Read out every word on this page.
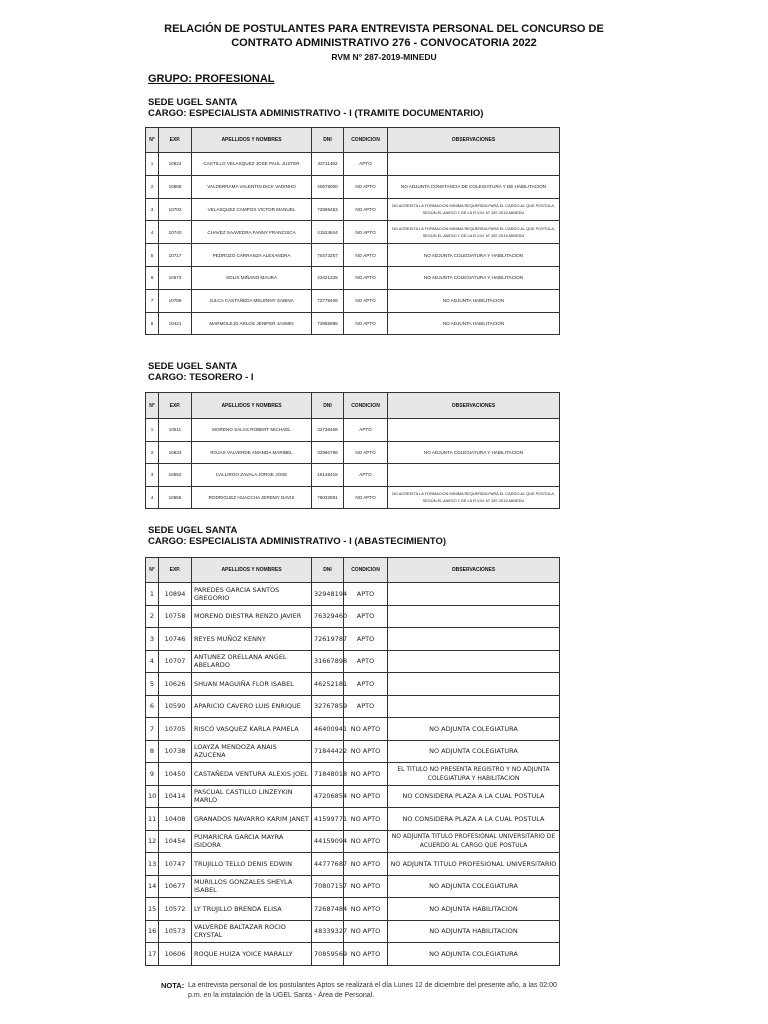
RELACIÓN DE POSTULANTES PARA ENTREVISTA PERSONAL DEL CONCURSO DE
CONTRATO ADMINISTRATIVO 276 - CONVOCATORIA 2022
RVM N° 287-2019-MINEDU
GRUPO: PROFESIONAL
SEDE UGEL SANTA
CARGO: ESPECIALISTA ADMINISTRATIVO - I (TRAMITE DOCUMENTARIO)
N°	EXP.	APELLIDOS Y NOMBRES	DNI	CONDICION	OBSERVACIONES
1	10624	CASTILLO VELASQUEZ JOSE PAUL JUSTER	43711492	APTO	
2	10685	VALDERRAMA VALENTIN DICK VADINHO	40679000	NO APTO	NO ADJUNTA CONSTANCIA DE COLEGIATURA Y DE HABILITACION
3	10702	VELASQUEZ CAMPOS VICTOR MANUEL	72865453	NO APTO	NO ACREDITA LA FORMACION MINIMA REQUERIDA PARA EL CARGO AL QUE POSTULA, SEGÚN EL ANEXO 1 DE LA R.V.M. N° 287-2019-MINEDU
4	10740	CHAVEZ SAAVEDRA FANNY FRANCISCA	41524844	NO APTO	NO ACREDITA LA FORMACION MINIMA REQUERIDA PARA EL CARGO AL QUE POSTULA, SEGÚN EL ANEXO 1 DE LA R.V.M. N° 287-2019-MINEDU
5	10717	PEDROZO CARRANZA ALEXANDRA	70473257	NO APTO	NO ADJUNTA COLEGIATURA Y HABILITACION
6	10573	SOLIS MIÑANO MAURA	43421225	NO APTO	NO ADJUNTA COLEGIATURA Y HABILITACION
7	10759	JULCA CASTAÑEDA MELENNY SABINA	72778406	NO APTO	NO ADJUNTA HABILITACION
8	10421	MARMOLEJO ARLOS JENIFER JASMIN	72965998	NO APTO	NO ADJUNTA HABILITACION
SEDE UGEL SANTA
CARGO: TESORERO - I
N°	EXP.	APELLIDOS Y NOMBRES	DNI	CONDICION	OBSERVACIONES
1	10511	MORENO SALAS ROBERT MICHAEL	32736456	APTO	
2	10633	ROJAS VALVERDE AMANDA MARIBEL	32960786	NO APTO	NO ADJUNTA COLEGIATURA Y HABILITACION
3	10552	CALLIRGO ZAVALA JORGE JOSE	18148415	APTO	
4	10656	RODRIGUEZ HUACCHA JEREMY DAVIS	76032891	NO APTO	NO ACREDITA LA FORMACION MINIMA REQUERIDA PARA EL CARGO AL QUE POSTULA, SEGÚN EL ANEXO 1 DE LA R.V.M. N° 287-2019-MINEDU
SEDE UGEL SANTA
CARGO: ESPECIALISTA ADMINISTRATIVO - I (ABASTECIMIENTO)
N°	EXP.	APELLIDOS Y NOMBRES	DNI	CONDICION	OBSERVACIONES
1	10894	PAREDES GARCIA SANTOS GREGORIO	32948194	APTO	
2	10758	MORENO DIESTRA RENZO JAVIER	76329460	APTO	
3	10746	REYES MUÑOZ KENNY	72619787	APTO	
4	10707	ANTUNEZ ORELLANA ANGEL ABELARDO	31667898	APTO	
5	10626	SHUAN MAGUIÑA FLOR ISABEL	46252181	APTO	
6	10590	APARICIO CAVERO LUIS ENRIQUE	32767859	APTO	
7	10705	RISCO VASQUEZ KARLA PAMELA	46400941	NO APTO	NO ADJUNTA COLEGIATURA
8	10738	LOAYZA MENDOZA ANAIS AZUCENA	71844422	NO APTO	NO ADJUNTA COLEGIATURA
9	10450	CASTAÑEDA VENTURA ALEXIS JOEL	71848018	NO APTO	EL TITULO NO PRESENTA REGISTRO Y NO ADJUNTA COLEGIATURA Y HABILITACION
10	10414	PASCUAL CASTILLO LINZEYKIN MARLO	47206854	NO APTO	NO CONSIDERA PLAZA A LA CUAL POSTULA
11	10408	GRANADOS NAVARRO KARIM JANET	41599771	NO APTO	NO CONSIDERA PLAZA A LA CUAL POSTULA
12	10454	PUMARICRA GARCIA MAYRA ISIDORA	44159094	NO APTO	NO ADJUNTA TITULO PROFESIONAL UNIVERSITARIO DE ACUERDO AL CARGO QUE POSTULA
13	10747	TRUJILLO TELLO DENIS EDWIN	44777687	NO APTO	NO ADJUNTA TITULO PROFESIONAL UNIVERSITARIO
14	10677	MURILLOS GONZALES SHEYLA ISABEL	70807157	NO APTO	NO ADJUNTA COLEGIATURA
15	10572	LY TRUJILLO BRENDA ELISA	72687484	NO APTO	NO ADJUNTA HABILITACION
16	10573	VALVERDE BALTAZAR ROCIO CRYSTAL	48339327	NO APTO	NO ADJUNTA HABILITACION
17	10606	ROQUE HUIZA YOICE MARALLY	70859569	NO APTO	NO ADJUNTA COLEGIATURA
NOTA: La entrevista personal de los postulantes Aptos se realizará el día Lunes 12 de diciembre del presente año, a las 02:00 p.m. en la instalación de la UGEL Santa - Área de Personal.
